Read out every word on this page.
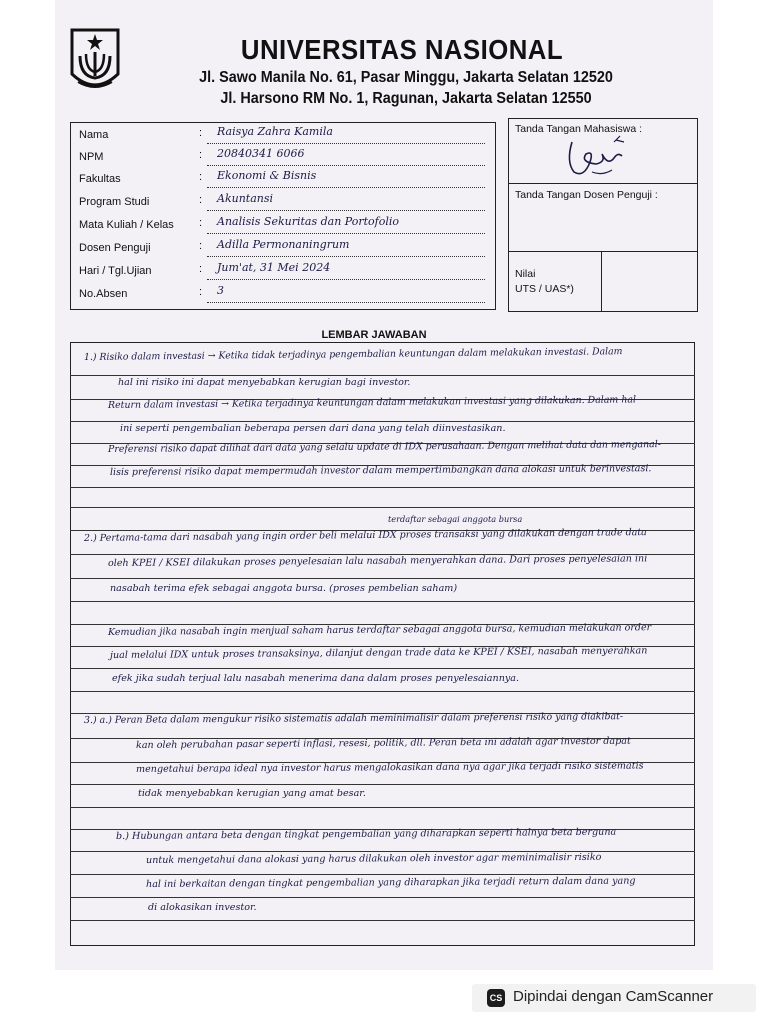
UNIVERSITAS NASIONAL
Jl. Sawo Manila No. 61, Pasar Minggu, Jakarta Selatan 12520
Jl. Harsono RM No. 1, Ragunan, Jakarta Selatan 12550
Nama	: Raisya Zahra Kamila
NPM	: 20840341 6066
Fakultas	: Ekonomi & Bisnis
Program Studi	: Akuntansi
Mata Kuliah / Kelas : Analisis Sekuritas dan Portofolio
Dosen Penguji	: Adilla Permonaningrum
Hari / Tgl.Ujian	: Jum'at, 31 Mei 2024
No.Absen	: 3
Tanda Tangan Mahasiswa :
Tanda Tangan Dosen Penguji :
Nilai
UTS / UAS*)
LEMBAR JAWABAN
1.) Risiko dalam investasi → Ketika tidak terjadinya pengembalian keuntungan dalam melakukan investasi. Dalam
hal ini risiko ini dapat menyebabkan kerugian bagi investor.
Return dalam investasi → Ketika terjadinya keuntungan dalam melakukan investasi yang dilakukan. Dalam hal
ini seperti pengembalian beberapa persen dari dana yang telah diinvestasikan.
Preferensi risiko dapat dilihat dari data yang selalu update di IDX perusahaan. Dengan melihat data dan menganal-
lisis preferensi risiko dapat mempermudah investor dalam mempertimbangkan dana alokasi untuk berinvestasi.
terdaftar sebagai anggota bursa
2.) Pertama-tama dari nasabah yang ingin order beli melalui IDX proses transaksi yang dilakukan dengan trade data
oleh KPEI / KSEI dilakukan proses penyelesaian lalu nasabah menyerahkan dana. Dari proses penyelesaian ini
nasabah terima efek sebagai anggota bursa. (proses pembelian saham)
Kemudian jika nasabah ingin menjual saham harus terdaftar sebagai anggota bursa, kemudian melakukan order
jual melalui IDX untuk proses transaksinya, dilanjut dengan trade data ke KPEI / KSEI, nasabah menyerahkan
efek jika sudah terjual lalu nasabah menerima dana dalam proses penyelesaiannya.
3.) a.) Peran Beta dalam mengukur risiko sistematis adalah meminimalisir dalam preferensi risiko yang diakibat-
kan oleh perubahan pasar seperti inflasi, resesi, politik, dll. Peran beta ini adalah agar investor dapat
mengetahui berapa ideal nya investor harus mengalokasikan dana nya agar jika terjadi risiko sistematis
tidak menyebabkan kerugian yang amat besar.
b.) Hubungan antara beta dengan tingkat pengembalian yang diharapkan seperti halnya beta berguna
untuk mengetahui dana alokasi yang harus dilakukan oleh investor agar meminimalisir risiko
hal ini berkaitan dengan tingkat pengembalian yang diharapkan jika terjadi return dalam dana yang
di alokasikan investor.
CS Dipindai dengan CamScanner
